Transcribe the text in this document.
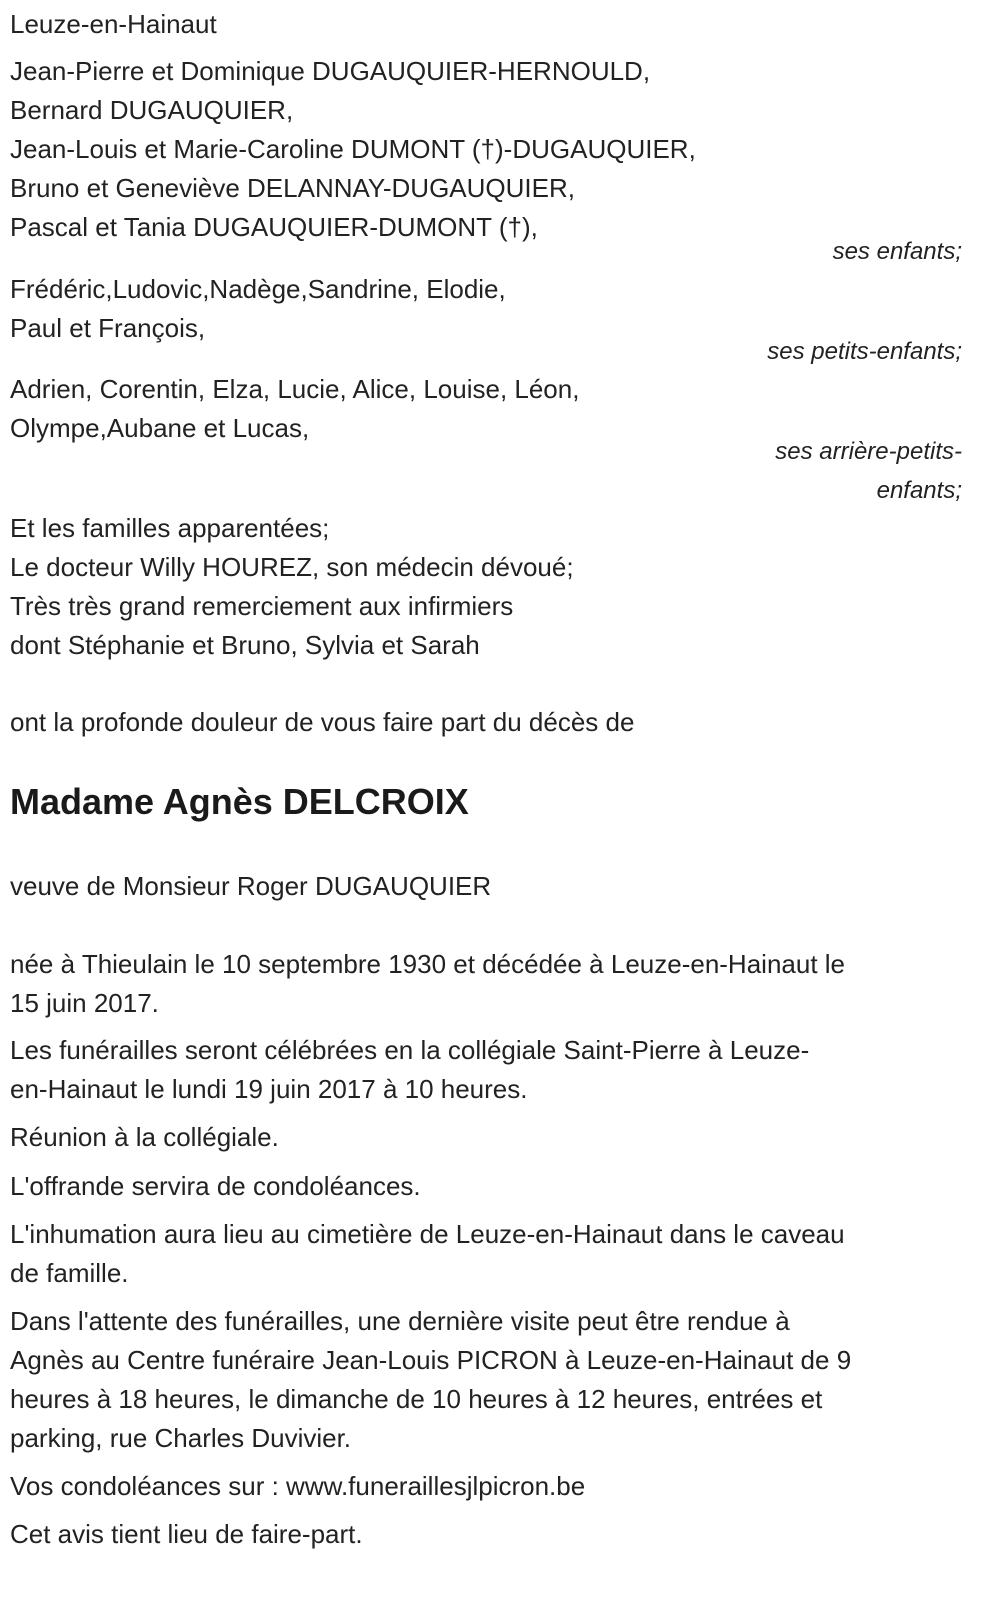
Leuze-en-Hainaut
Jean-Pierre et Dominique DUGAUQUIER-HERNOULD,
Bernard DUGAUQUIER,
Jean-Louis et Marie-Caroline DUMONT (†)-DUGAUQUIER,
Bruno et Geneviève DELANNAY-DUGAUQUIER,
Pascal et Tania DUGAUQUIER-DUMONT (†),
ses enfants;
Frédéric,Ludovic,Nadège,Sandrine, Elodie,
Paul et François,
ses petits-enfants;
Adrien, Corentin, Elza, Lucie, Alice, Louise, Léon,
Olympe,Aubane et Lucas,
ses arrière-petits-
enfants;
Et les familles apparentées;
Le docteur Willy HOUREZ, son médecin dévoué;
Très très grand remerciement aux infirmiers
dont Stéphanie et Bruno, Sylvia et Sarah
ont la profonde douleur de vous faire part du décès de
Madame Agnès DELCROIX
veuve de Monsieur Roger DUGAUQUIER
née à Thieulain le 10 septembre 1930 et décédée à Leuze-en-Hainaut le
15 juin 2017.
Les funérailles seront célébrées en la collégiale Saint-Pierre à Leuze-
en-Hainaut le lundi 19 juin 2017 à 10 heures.
Réunion à la collégiale.
L'offrande servira de condoléances.
L'inhumation aura lieu au cimetière de Leuze-en-Hainaut dans le caveau
de famille.
Dans l'attente des funérailles, une dernière visite peut être rendue à
Agnès au Centre funéraire Jean-Louis PICRON à Leuze-en-Hainaut de 9
heures à 18 heures, le dimanche de 10 heures à 12 heures, entrées et
parking, rue Charles Duvivier.
Vos condoléances sur : www.funeraillesjlpicron.be
Cet avis tient lieu de faire-part.
